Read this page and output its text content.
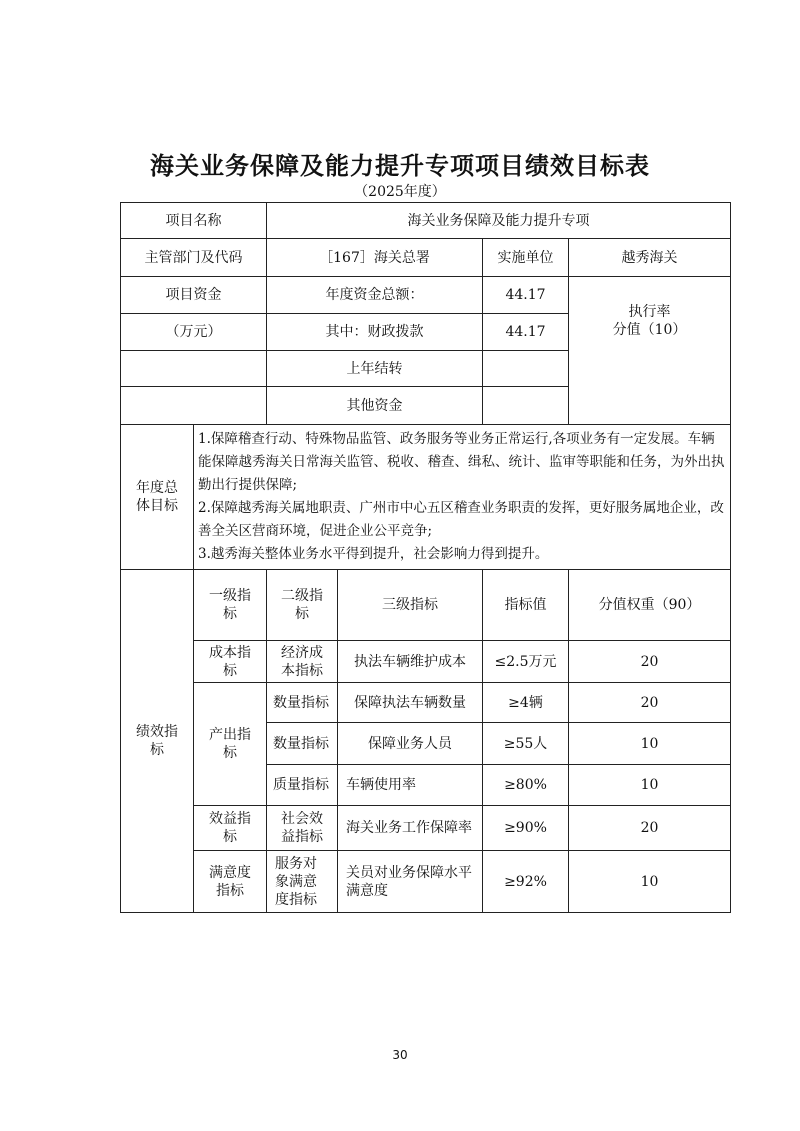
海关业务保障及能力提升专项项目绩效目标表
（2025年度）
项目名称		海关业务保障及能力提升专项			
主管部门及代码		［167］海关总署		实施单位	越秀海关
项目资金		年度资金总额：		44.17	执行率
分值（10）

（万元）		其中：财政拨款		44.17	
		上年结转			
		其他资金			
年度总体目标	1.保障稽查行动、特殊物品监管、政务服务等业务正常运行,各项业务有一定发展。车辆能保障越秀海关日常海关监管、税收、稽查、缉私、统计、监审等职能和任务，为外出执勤出行提供保障;

2.保障越秀海关属地职责、广州市中心五区稽查业务职责的发挥，更好服务属地企业，改善全关区营商环境，促进企业公平竞争;

3.越秀海关整体业务水平得到提升，社会影响力得到提升。				

绩效指标	一级指标	二级指标	三级指标	指标值	分值权重（90）
	成本指标	经济成本指标	执法车辆维护成本	≤2.5万元	20
	产出指标	数量指标	保障执法车辆数量	≥4辆	20
		数量指标	保障业务人员	≥55人	10
		质量指标	车辆使用率	≥80%	10
	效益指标	社会效益指标	海关业务工作保障率	≥90%	20
	满意度指标	服务对象满意度指标	关员对业务保障水平满意度	≥92%	10
30
